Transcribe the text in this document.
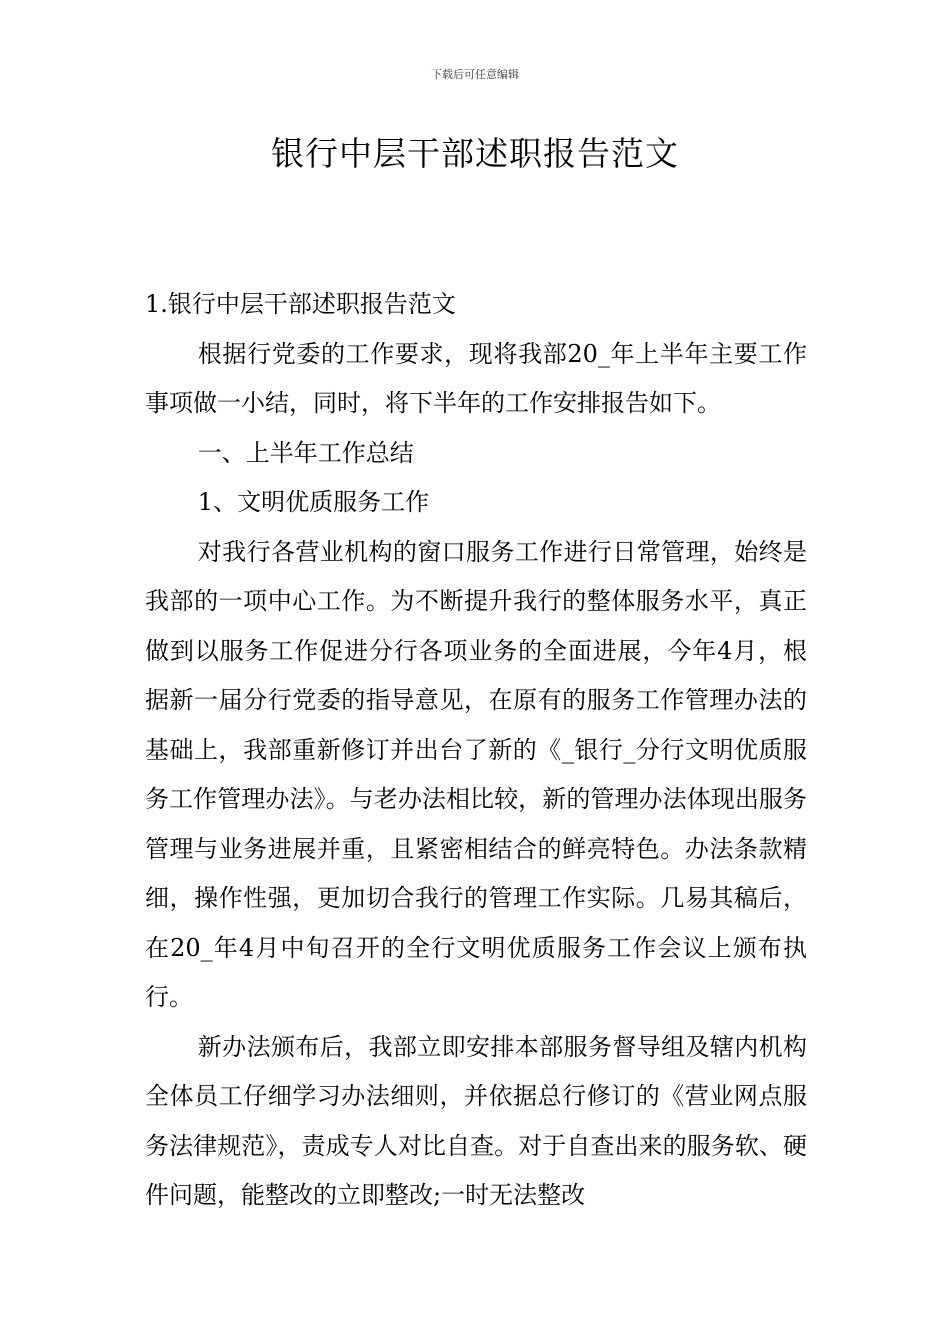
下载后可任意编辑
银行中层干部述职报告范文
1.银行中层干部述职报告范文

根据行党委的工作要求，现将我部20_年上半年主要工作事项做一小结，同时，将下半年的工作安排报告如下。

一、上半年工作总结

1、文明优质服务工作

对我行各营业机构的窗口服务工作进行日常管理，始终是我部的一项中心工作。为不断提升我行的整体服务水平，真正做到以服务工作促进分行各项业务的全面进展，今年4月，根据新一届分行党委的指导意见，在原有的服务工作管理办法的基础上，我部重新修订并出台了新的《_银行_分行文明优质服务工作管理办法》。与老办法相比较，新的管理办法体现出服务管理与业务进展并重，且紧密相结合的鲜亮特色。办法条款精细，操作性强，更加切合我行的管理工作实际。几易其稿后，在20_年4月中旬召开的全行文明优质服务工作会议上颁布执行。

新办法颁布后，我部立即安排本部服务督导组及辖内机构全体员工仔细学习办法细则，并依据总行修订的《营业网点服务法律规范》，责成专人对比自查。对于自查出来的服务软、硬件问题，能整改的立即整改;一时无法整改
